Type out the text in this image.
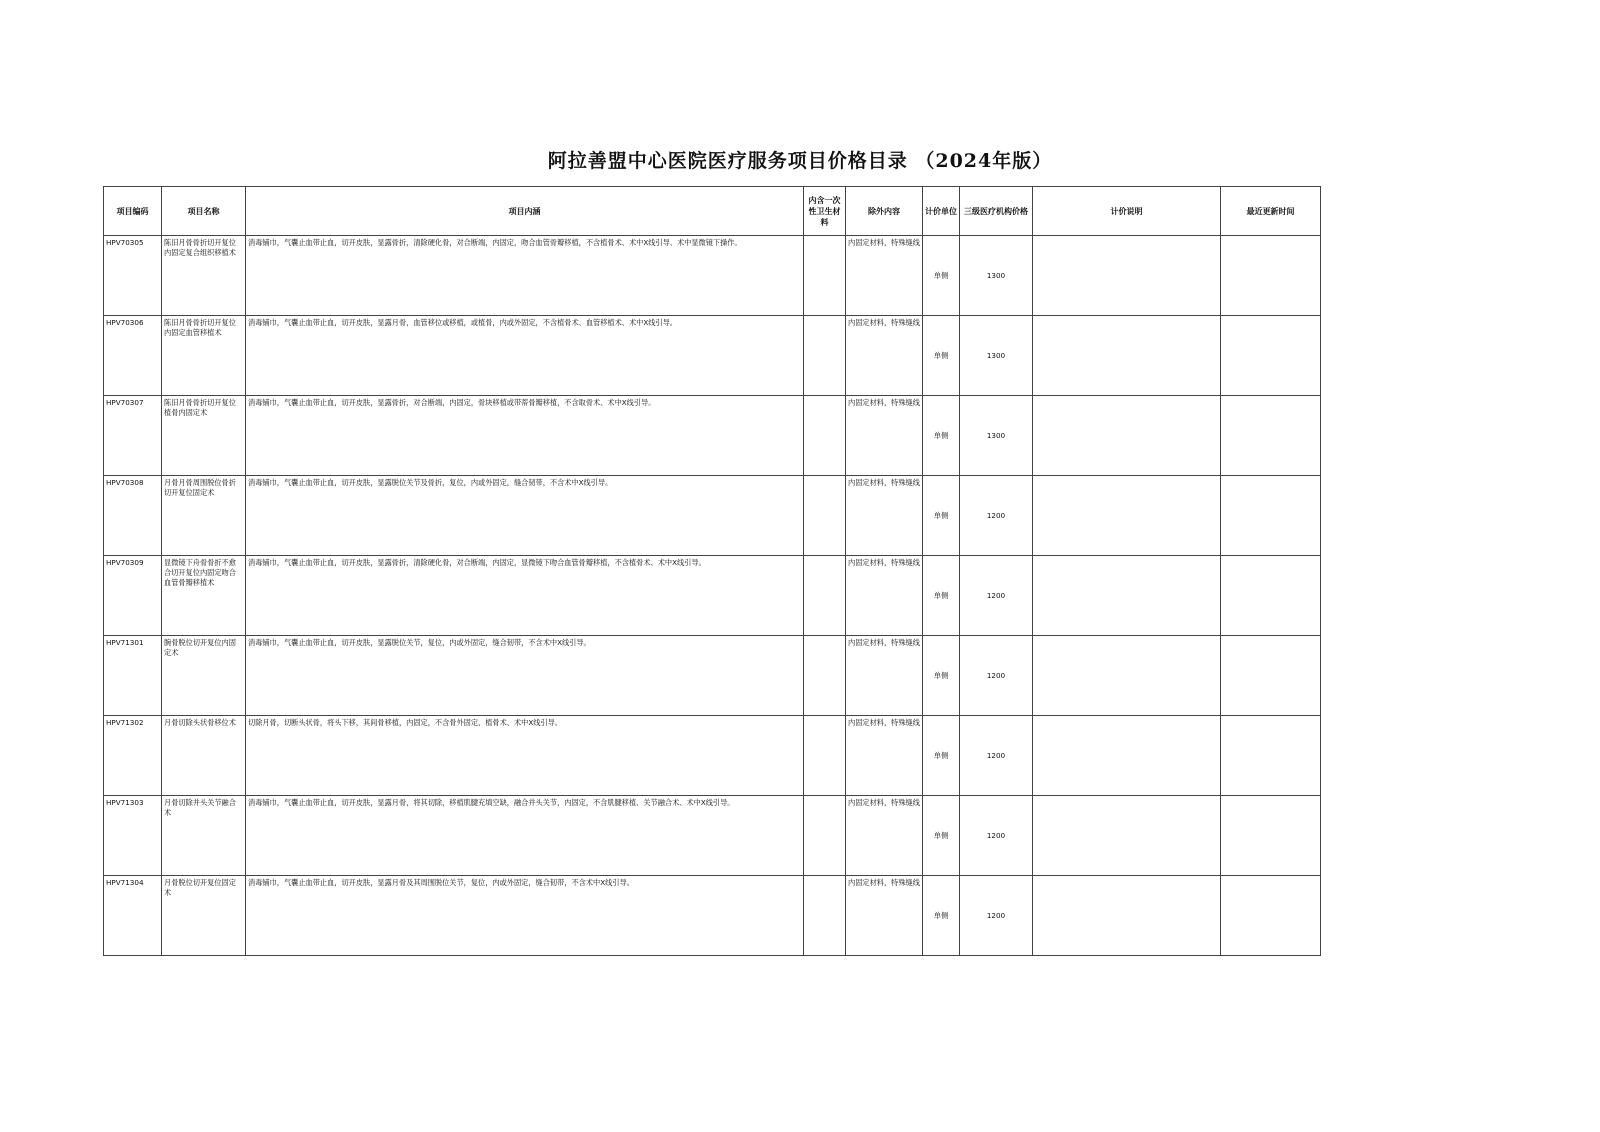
阿拉善盟中心医院医疗服务项目价格目录 （2024年版）
项目编码	项目名称	项目内涵	内含一次性卫生材料	除外内容	计价单位	三级医疗机构价格	计价说明	最近更新时间
HPV70305	陈旧月骨骨折切开复位内固定复合组织移植术	消毒铺巾，气囊止血带止血，切开皮肤，显露骨折，清除硬化骨，对合断端，内固定，吻合血管骨瓣移植，不含植骨术、术中X线引导、术中显微镜下操作。		内固定材料，特殊缝线	单侧	1300		
HPV70306	陈旧月骨骨折切开复位内固定血管移植术	消毒铺巾，气囊止血带止血，切开皮肤，显露月骨，血管移位或移植，或植骨，内或外固定，不含植骨术、血管移植术、术中X线引导。		内固定材料，特殊缝线	单侧	1300		
HPV70307	陈旧月骨骨折切开复位植骨内固定术	消毒铺巾，气囊止血带止血，切开皮肤，显露骨折，对合断端，内固定，骨块移植或带蒂骨瓣移植，不含取骨术、术中X线引导。		内固定材料，特殊缝线	单侧	1300		
HPV70308	月骨月骨周围脱位骨折切开复位固定术	消毒铺巾，气囊止血带止血，切开皮肤，显露脱位关节及骨折，复位，内或外固定，缝合韧带，不含术中X线引导。		内固定材料，特殊缝线	单侧	1200		
HPV70309	显微镜下舟骨骨折不愈合切开复位内固定吻合血管骨瓣移植术	消毒铺巾，气囊止血带止血，切开皮肤，显露骨折，清除硬化骨，对合断端，内固定，显微镜下吻合血管骨瓣移植，不含植骨术、术中X线引导。		内固定材料，特殊缝线	单侧	1200		
HPV71301	腕骨脱位切开复位内固定术	消毒铺巾，气囊止血带止血，切开皮肤，显露脱位关节，复位，内或外固定，缝合韧带，不含术中X线引导。		内固定材料，特殊缝线	单侧	1200		
HPV71302	月骨切除头状骨移位术	切除月骨，切断头状骨，将头下移，其间骨移植，内固定，不含骨外固定、植骨术、术中X线引导。		内固定材料，特殊缝线	单侧	1200		
HPV71303	月骨切除并头关节融合术	消毒铺巾，气囊止血带止血，切开皮肤，显露月骨，将其切除，移植肌腱充填空缺，融合并头关节，内固定，不含肌腱移植、关节融合术、术中X线引导。		内固定材料，特殊缝线	单侧	1200		
HPV71304	月骨脱位切开复位固定术	消毒铺巾，气囊止血带止血，切开皮肤，显露月骨及其周围脱位关节，复位，内或外固定，缝合韧带，不含术中X线引导。		内固定材料，特殊缝线	单侧	1200		
